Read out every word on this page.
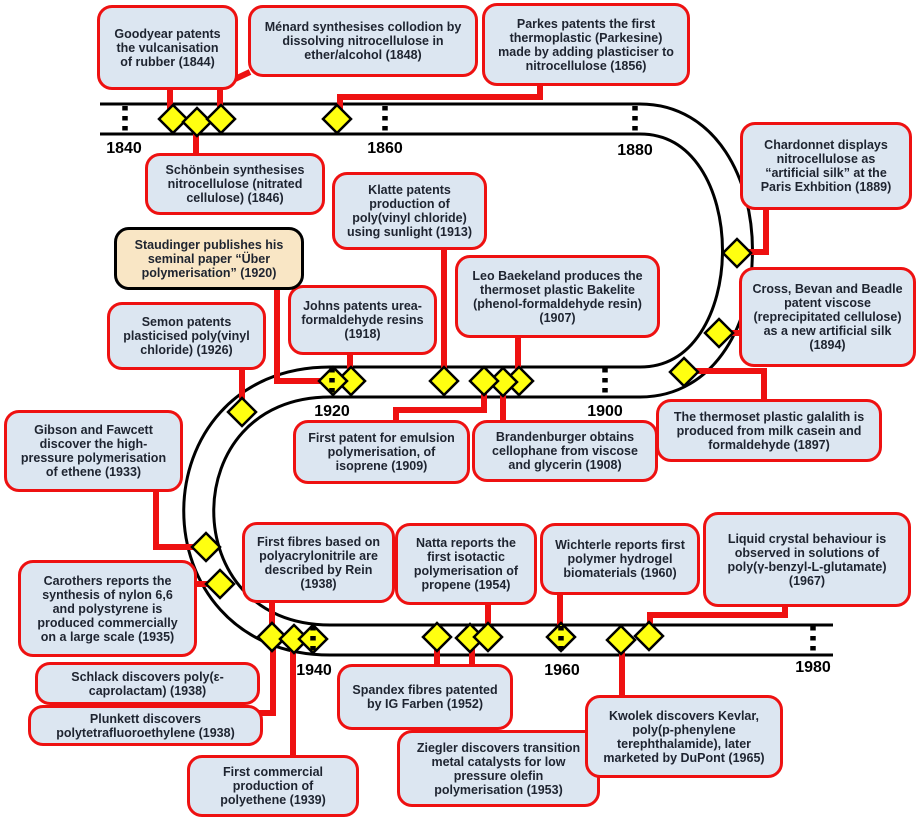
Goodyear patents the vulcanisation of rubber (1844)
Schönbein synthesises nitrocellulose (nitrated cellulose) (1846)
Ménard synthesises collodion by dissolving nitrocellulose in ether/alcohol (1848)
Parkes patents the first thermoplastic (Parkesine) made by adding plasticiser to nitrocellulose (1856)
Chardonnet displays nitrocellulose as “artificial silk” at the Paris Exhbition (1889)
Cross, Bevan and Beadle patent viscose (reprecipitated cellulose) as a new artificial silk (1894)
The thermoset plastic galalith is produced from milk casein and formaldehyde (1897)
Leo Baekeland produces the thermoset plastic Bakelite (phenol-formaldehyde resin) (1907)
Brandenburger obtains cellophane from viscose and glycerin (1908)
First patent for emulsion polymerisation, of isoprene (1909)
Klatte patents production of poly(vinyl chloride) using sunlight (1913)
Johns patents urea-formaldehyde resins (1918)
Staudinger publishes his seminal paper “Über polymerisation” (1920)
Semon patents plasticised poly(vinyl chloride) (1926)
Gibson and Fawcett discover the high-pressure polymerisation of ethene (1933)
Carothers reports the synthesis of nylon 6,6 and polystyrene is produced commercially on a large scale (1935)
First fibres based on polyacrylonitrile are described by Rein (1938)
Schlack discovers poly(ε-caprolactam) (1938)
Plunkett discovers polytetrafluoroethylene (1938)
First commercial production of polyethene (1939)
Spandex fibres patented by IG Farben (1952)
Ziegler discovers transition metal catalysts for low pressure olefin polymerisation (1953)
Natta reports the first isotactic polymerisation of propene (1954)
Wichterle reports first polymer hydrogel biomaterials (1960)
Kwolek discovers Kevlar, poly(p-phenylene terephthalamide), later marketed by DuPont (1965)
Liquid crystal behaviour is observed in solutions of poly(γ-benzyl-L-glutamate) (1967)
1840	1860	1880
1900
1920
1940	1960	1980
